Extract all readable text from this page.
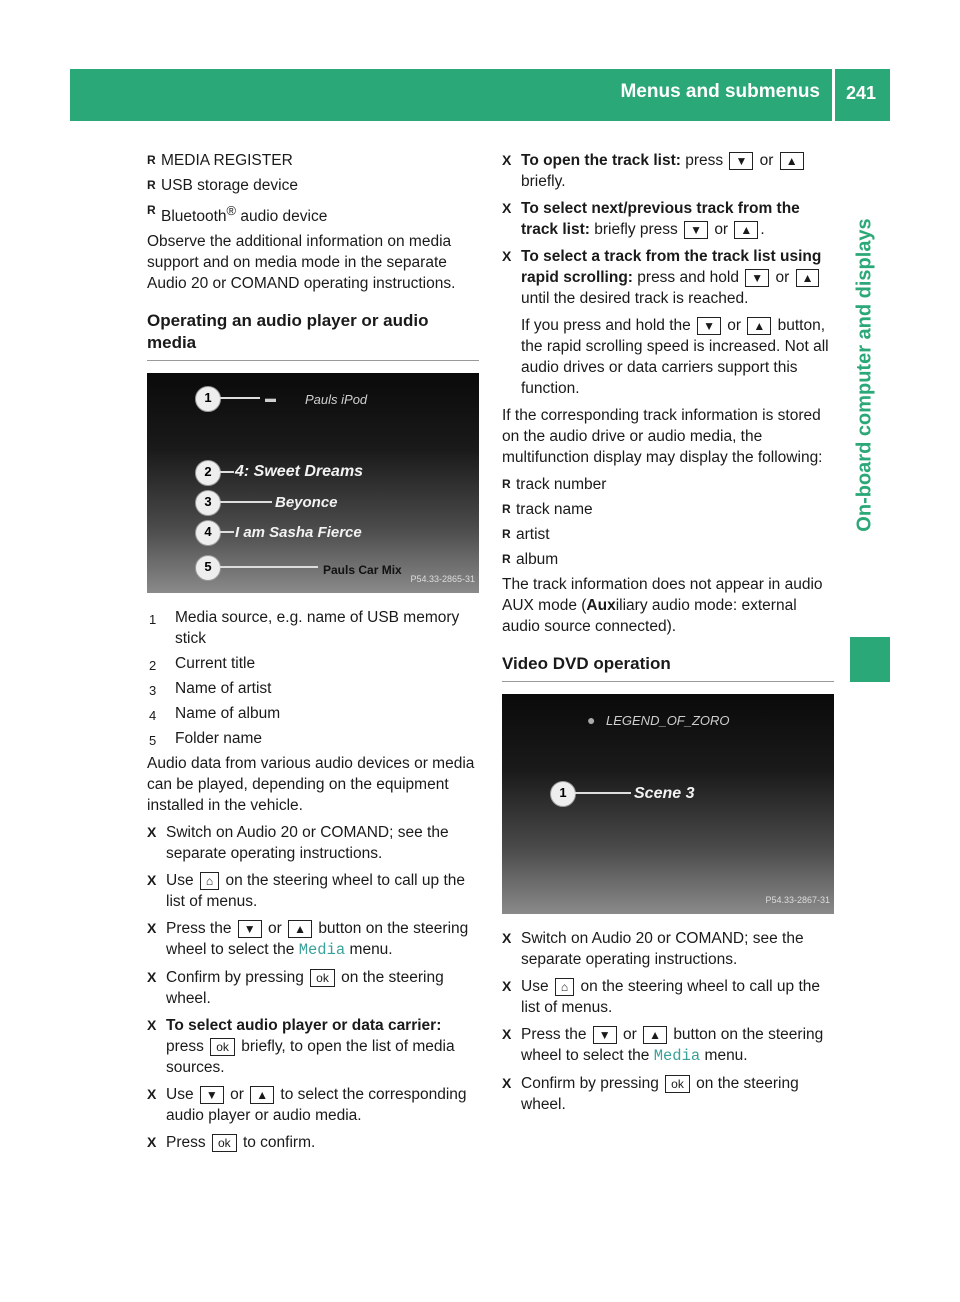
Menus and submenus 241
On-board computer and displays
R MEDIA REGISTER
R USB storage device
R Bluetooth® audio device

Observe the additional information on media support and on media mode in the separate Audio 20 or COMAND operating instructions.

Operating an audio player or audio media
1	▬ Pauls iPod
2	4: Sweet Dreams
3	Beyonce
4	I am Sasha Fierce
5	Pauls Car Mix
P54.33-2865-31
1 Media source, e.g. name of USB memory stick
2 Current title
3 Name of artist
4 Name of album
5 Folder name

Audio data from various audio devices or media can be played, depending on the equipment installed in the vehicle.

X Switch on Audio 20 or COMAND; see the separate operating instructions.
X Use ⌂ on the steering wheel to call up the list of menus.
X Press the ▼ or ▲ button on the steering wheel to select the Media menu.
X Confirm by pressing ok on the steering wheel.
X To select audio player or data carrier:
press ok briefly, to open the list of media sources.
X Use ▼ or ▲ to select the corresponding audio player or audio media.
X Press ok to confirm.
X To open the track list: press ▼ or ▲ briefly.
X To select next/previous track from the track list: briefly press ▼ or ▲ .
X To select a track from the track list using rapid scrolling: press and hold ▼ or ▲ until the desired track is reached.

If you press and hold the ▼ or ▲ button, the rapid scrolling speed is increased. Not all audio drives or data carriers support this function.

If the corresponding track information is stored on the audio drive or audio media, the multifunction display may display the following:

R track number
R track name
R artist
R album

The track information does not appear in audio AUX mode (Auxiliary audio mode: external audio source connected).

Video DVD operation
● LEGEND_OF_ZORO
1	Scene 3
P54.33-2867-31
X Switch on Audio 20 or COMAND; see the separate operating instructions.
X Use ⌂ on the steering wheel to call up the list of menus.
X Press the ▼ or ▲ button on the steering wheel to select the Media menu.
X Confirm by pressing ok on the steering wheel.
